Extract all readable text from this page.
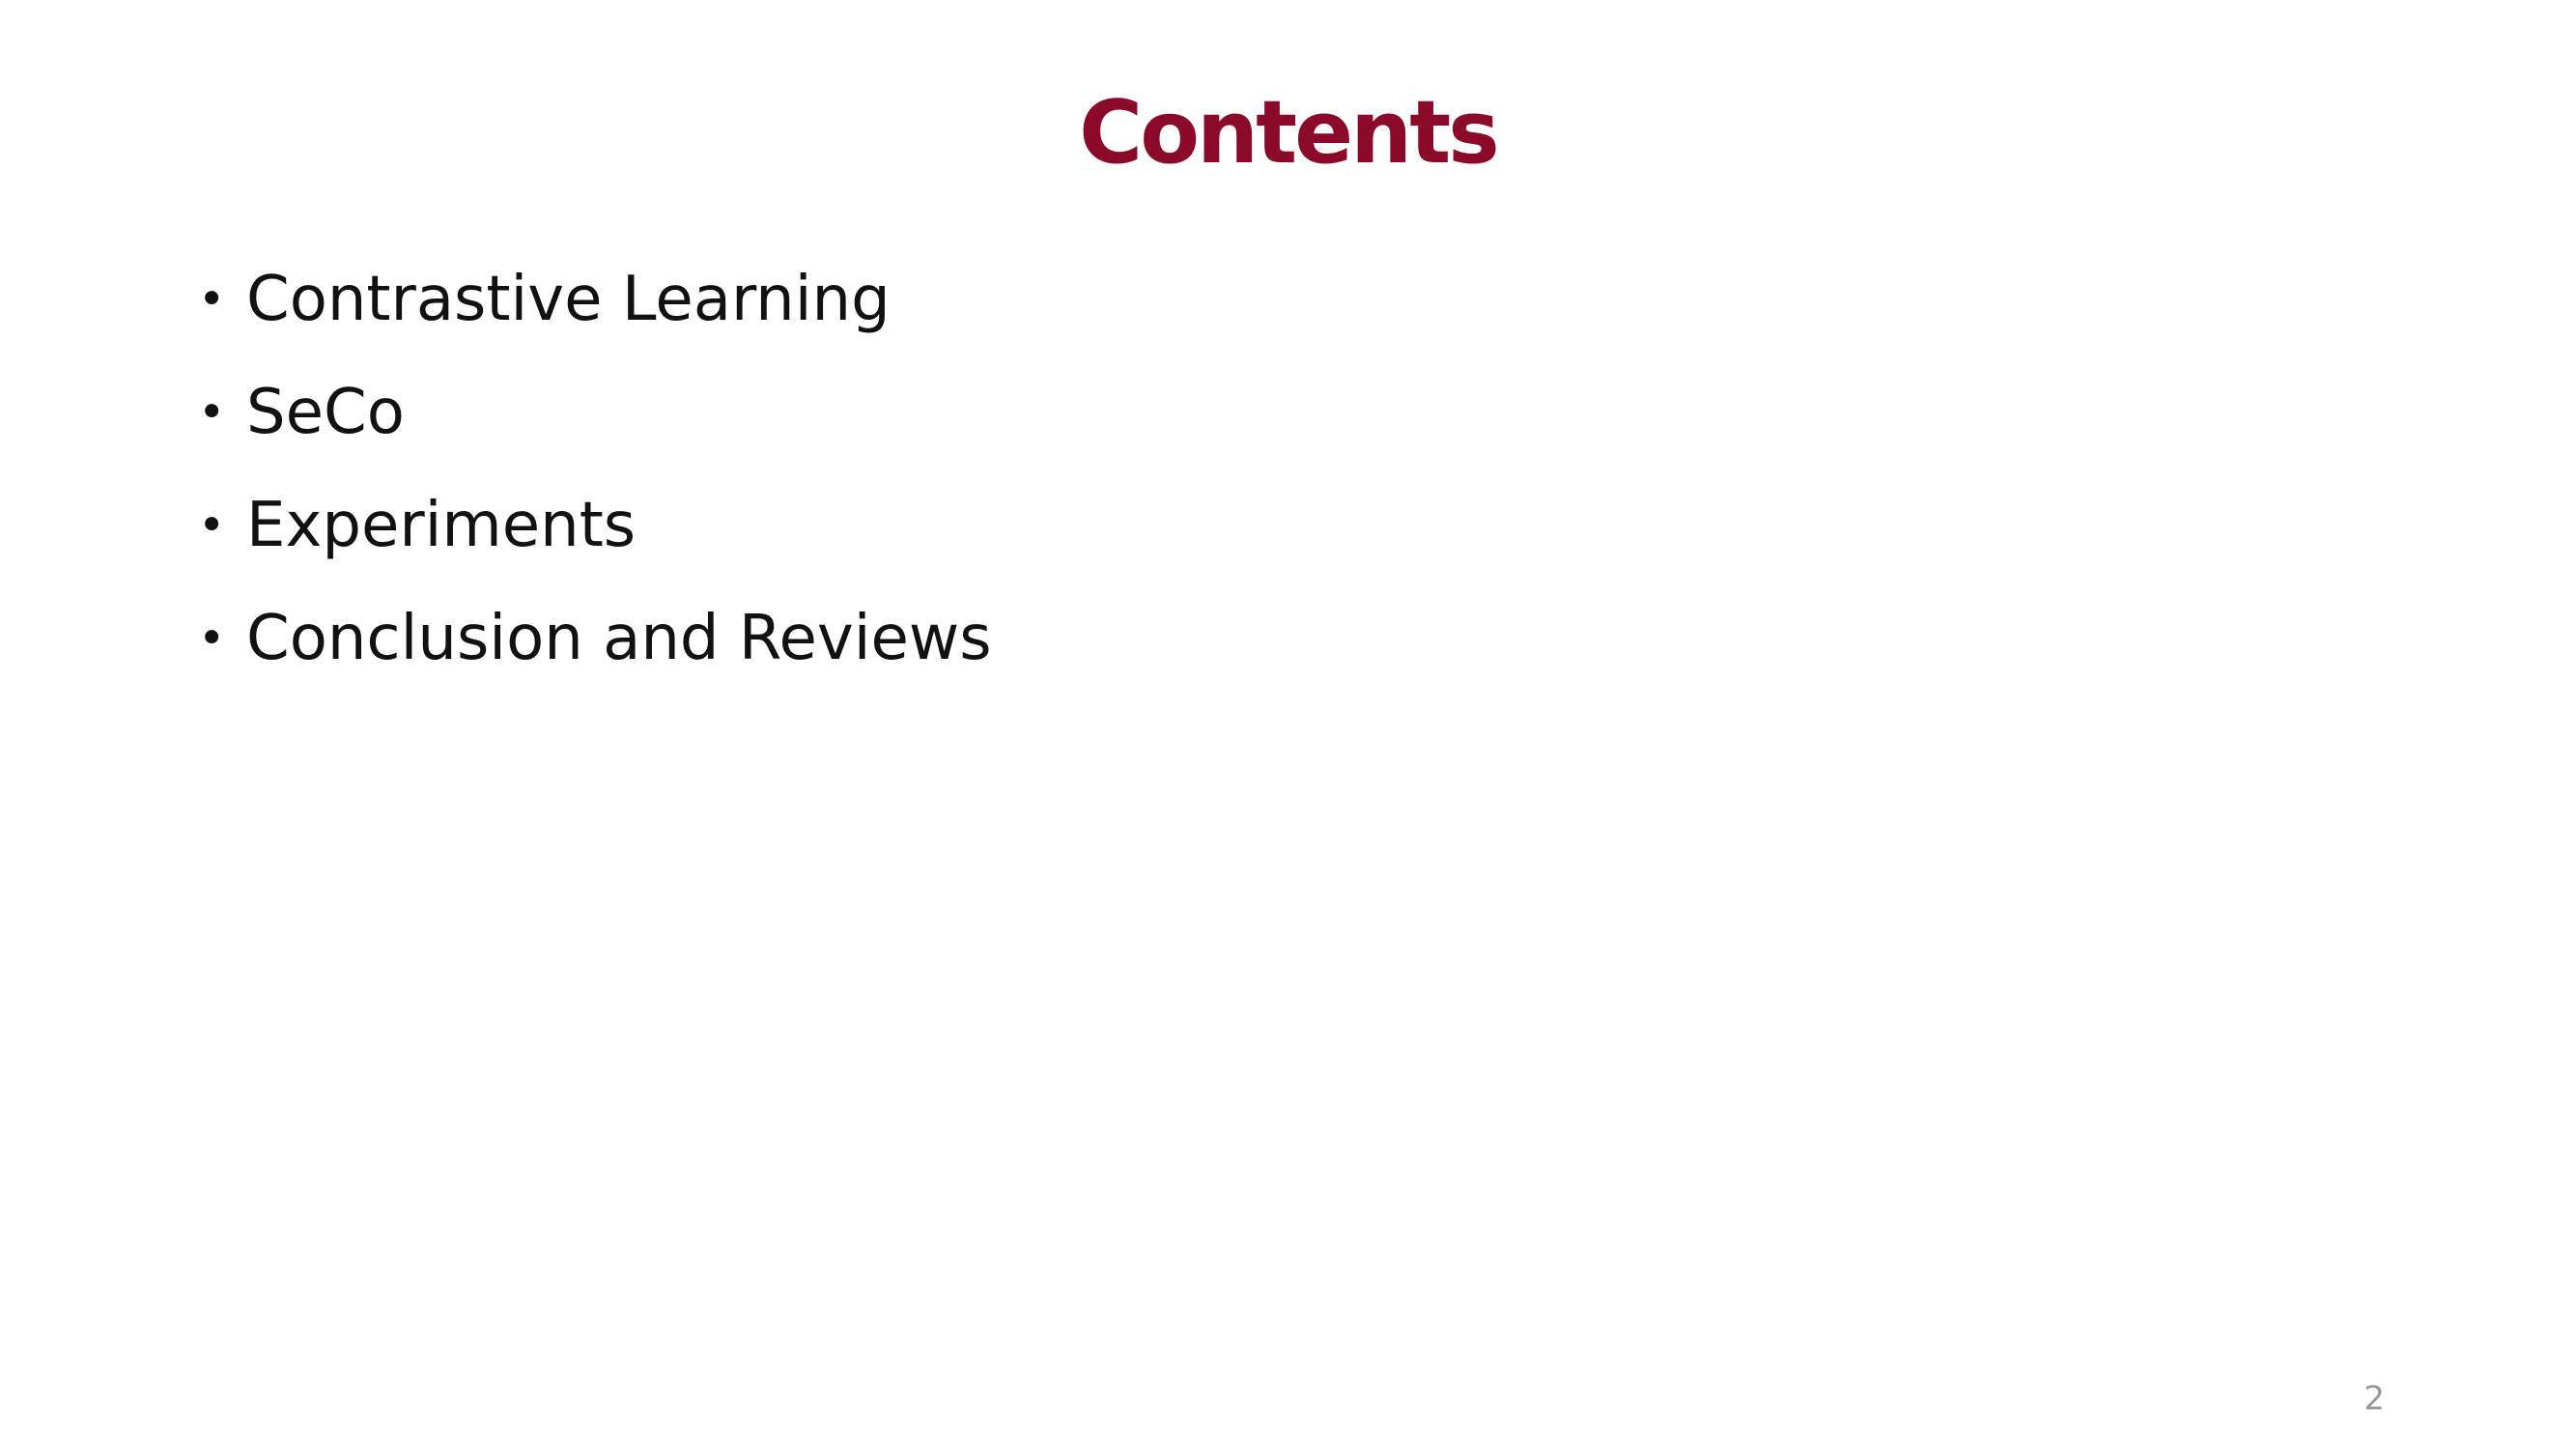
Contents
• Contrastive Learning
• SeCo
• Experiments
• Conclusion and Reviews
2
